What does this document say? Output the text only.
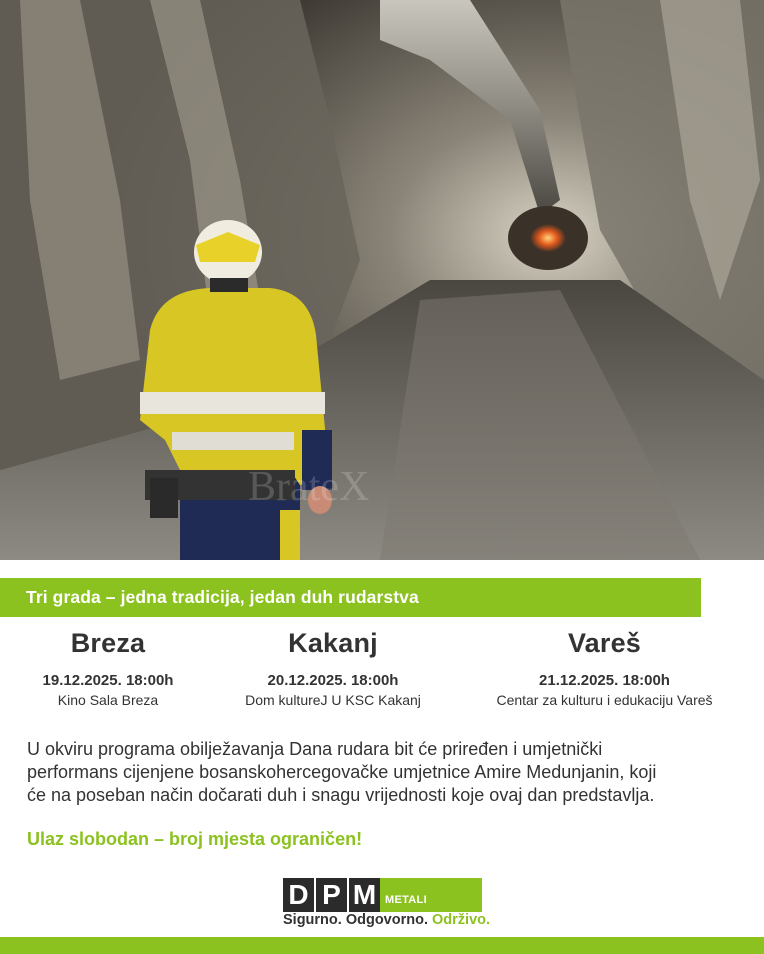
BrateX
Tri grada – jedna tradicija, jedan duh rudarstva
Breza
19.12.2025. 18:00h
Kino Sala Breza
Kakanj
20.12.2025. 18:00h
Dom kultureJ U KSC Kakanj
Vareš
21.12.2025. 18:00h
Centar za kulturu i edukaciju Vareš
U okviru programa obilježavanja Dana rudara bit će priređen i umjetnički
performans cijenjene bosanskohercegovačke umjetnice Amire Medunjanin, koji
će na poseban način dočarati duh i snagu vrijednosti koje ovaj dan predstavlja.
Ulaz slobodan – broj mjesta ograničen!
D P M METALI
Sigurno. Odgovorno. Održivo.
